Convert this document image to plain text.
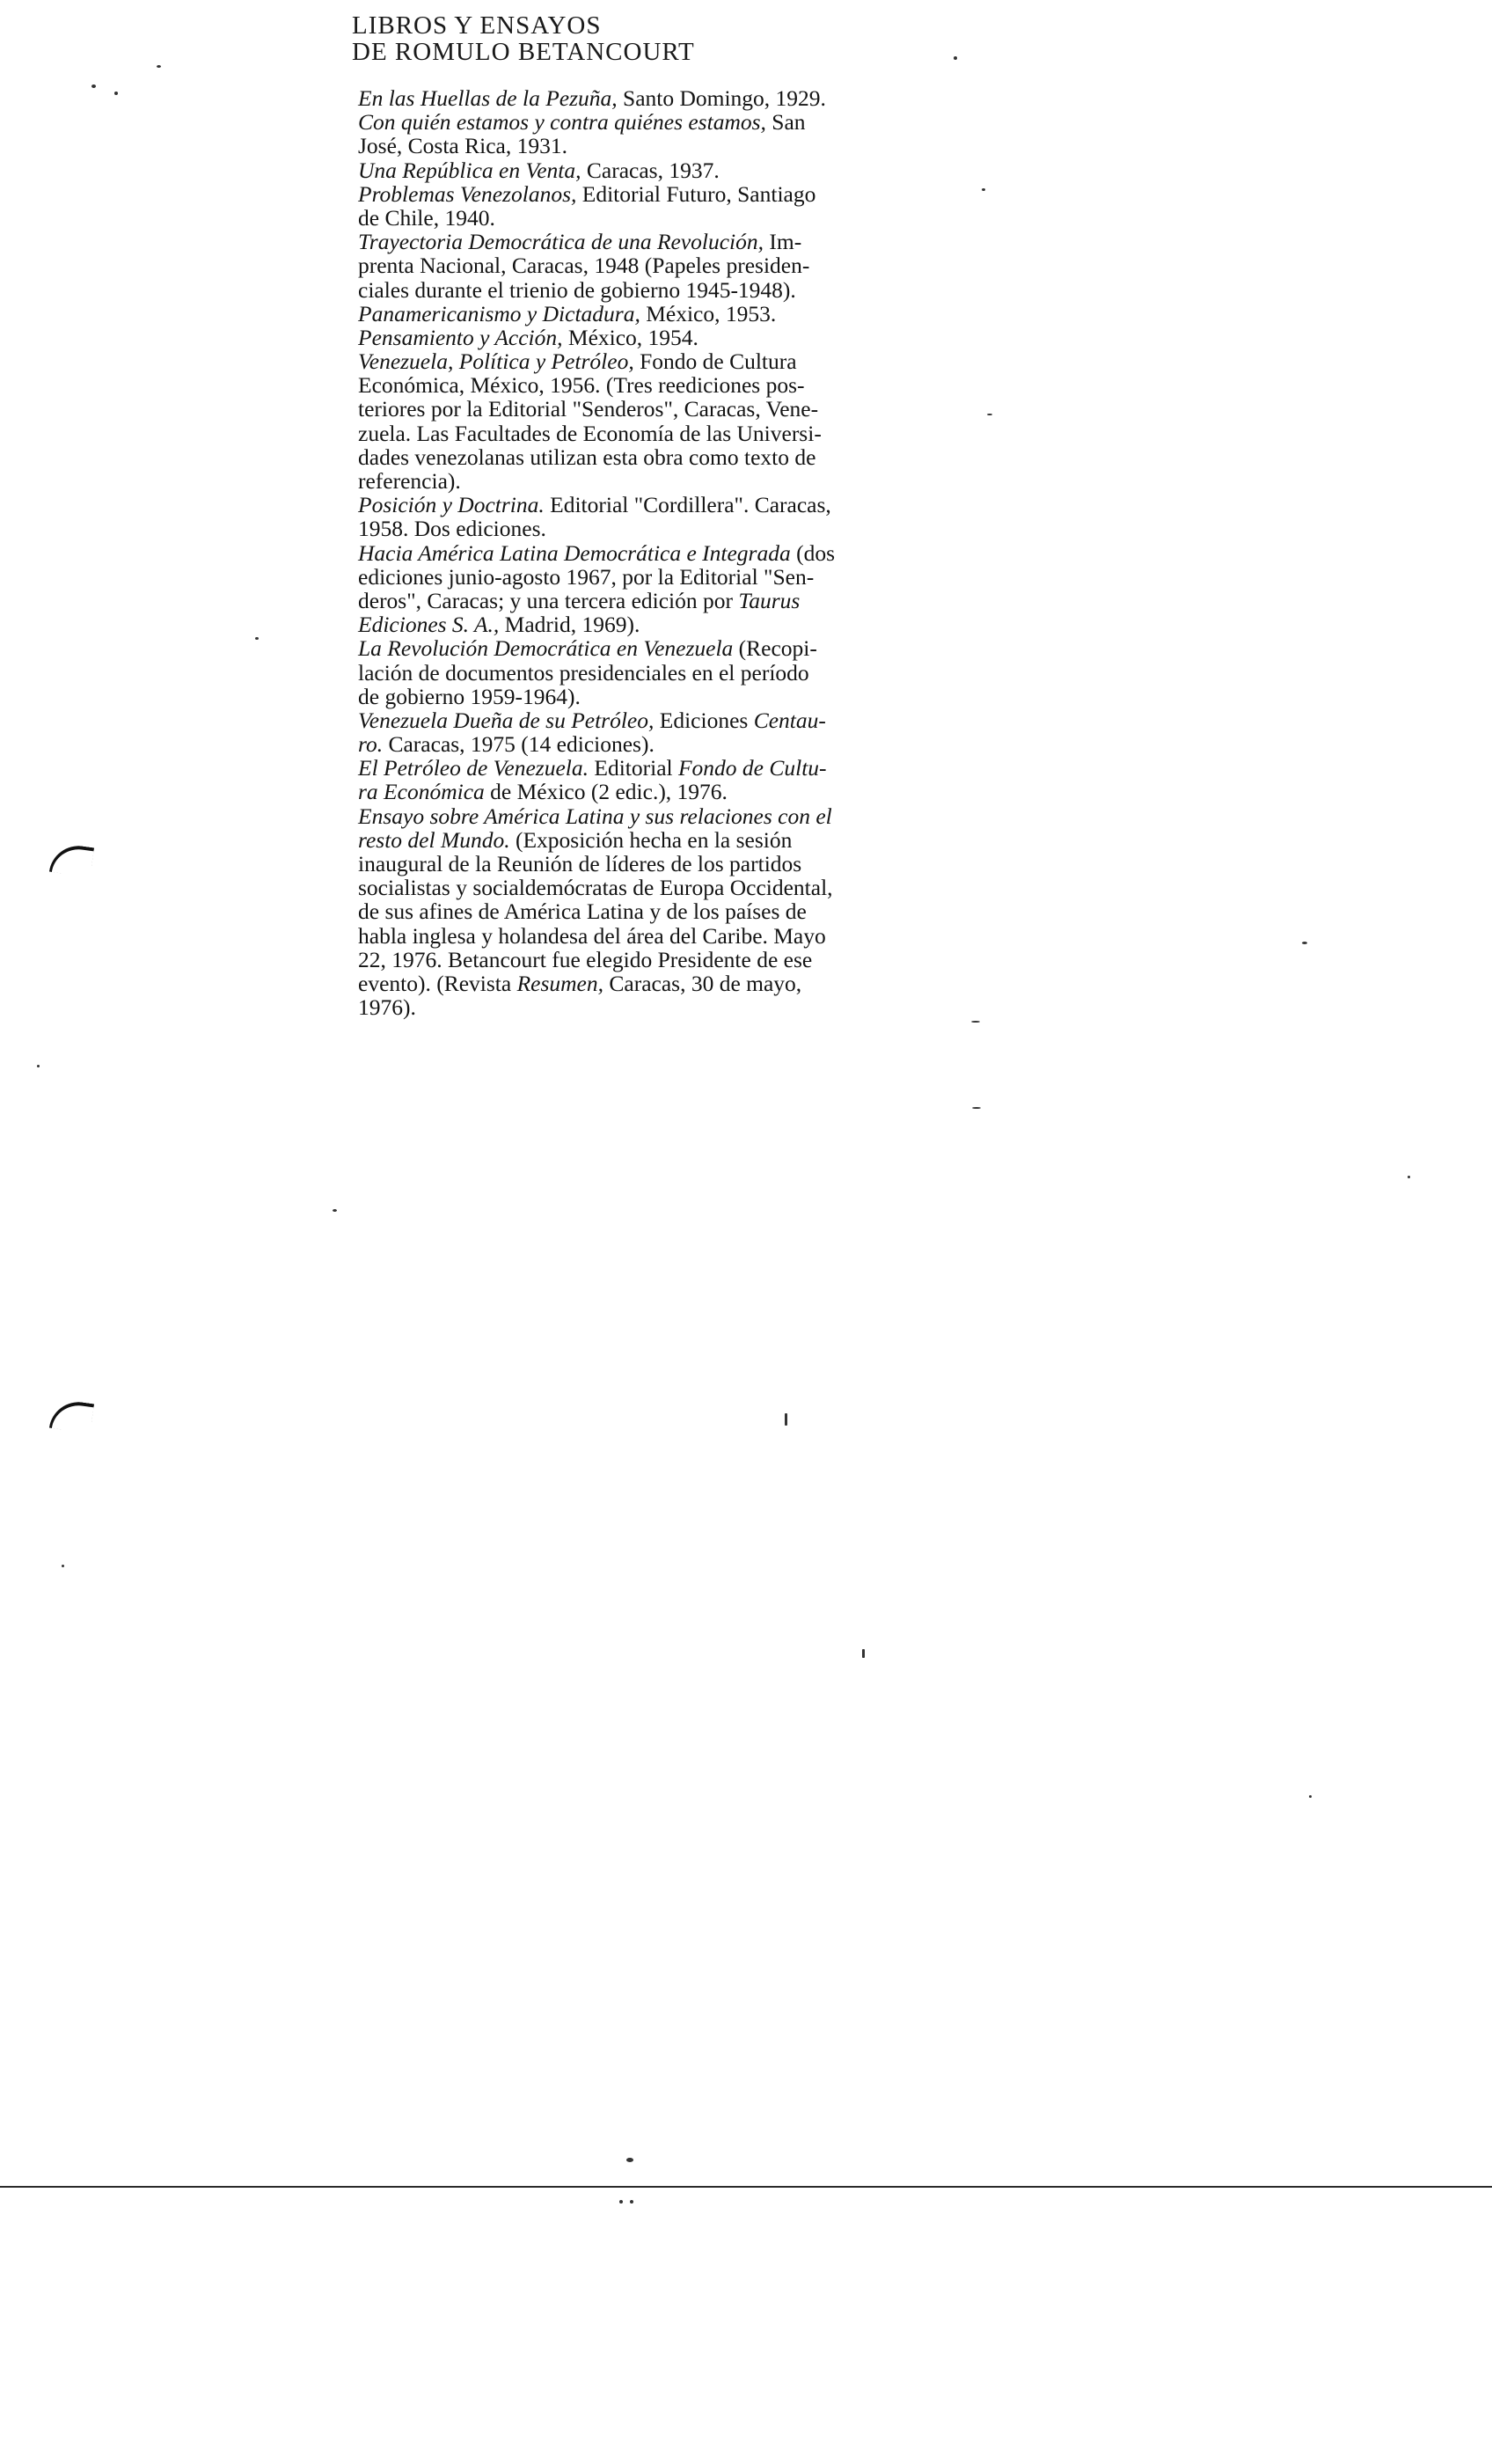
LIBROS Y ENSAYOS
DE ROMULO BETANCOURT
En las Huellas de la Pezuña, Santo Domingo, 1929.
Con quién estamos y contra quiénes estamos, San
José, Costa Rica, 1931.
Una República en Venta, Caracas, 1937.
Problemas Venezolanos, Editorial Futuro, Santiago
de Chile, 1940.
Trayectoria Democrática de una Revolución, Im-
prenta Nacional, Caracas, 1948 (Papeles presiden-
ciales durante el trienio de gobierno 1945-1948).
Panamericanismo y Dictadura, México, 1953.
Pensamiento y Acción, México, 1954.
Venezuela, Política y Petróleo, Fondo de Cultura
Económica, México, 1956. (Tres reediciones pos-
teriores por la Editorial "Senderos", Caracas, Vene-
zuela. Las Facultades de Economía de las Universi-
dades venezolanas utilizan esta obra como texto de
referencia).
Posición y Doctrina. Editorial "Cordillera". Caracas,
1958. Dos ediciones.
Hacia América Latina Democrática e Integrada (dos
ediciones junio-agosto 1967, por la Editorial "Sen-
deros", Caracas; y una tercera edición por Taurus
Ediciones S. A., Madrid, 1969).
La Revolución Democrática en Venezuela (Recopi-
lación de documentos presidenciales en el período
de gobierno 1959-1964).
Venezuela Dueña de su Petróleo, Ediciones Centau-
ro. Caracas, 1975 (14 ediciones).
El Petróleo de Venezuela. Editorial Fondo de Cultu-
ra Económica de México (2 edic.), 1976.
Ensayo sobre América Latina y sus relaciones con el
resto del Mundo. (Exposición hecha en la sesión
inaugural de la Reunión de líderes de los partidos
socialistas y socialdemócratas de Europa Occidental,
de sus afines de América Latina y de los países de
habla inglesa y holandesa del área del Caribe. Mayo
22, 1976. Betancourt fue elegido Presidente de ese
evento). (Revista Resumen, Caracas, 30 de mayo,
1976).
